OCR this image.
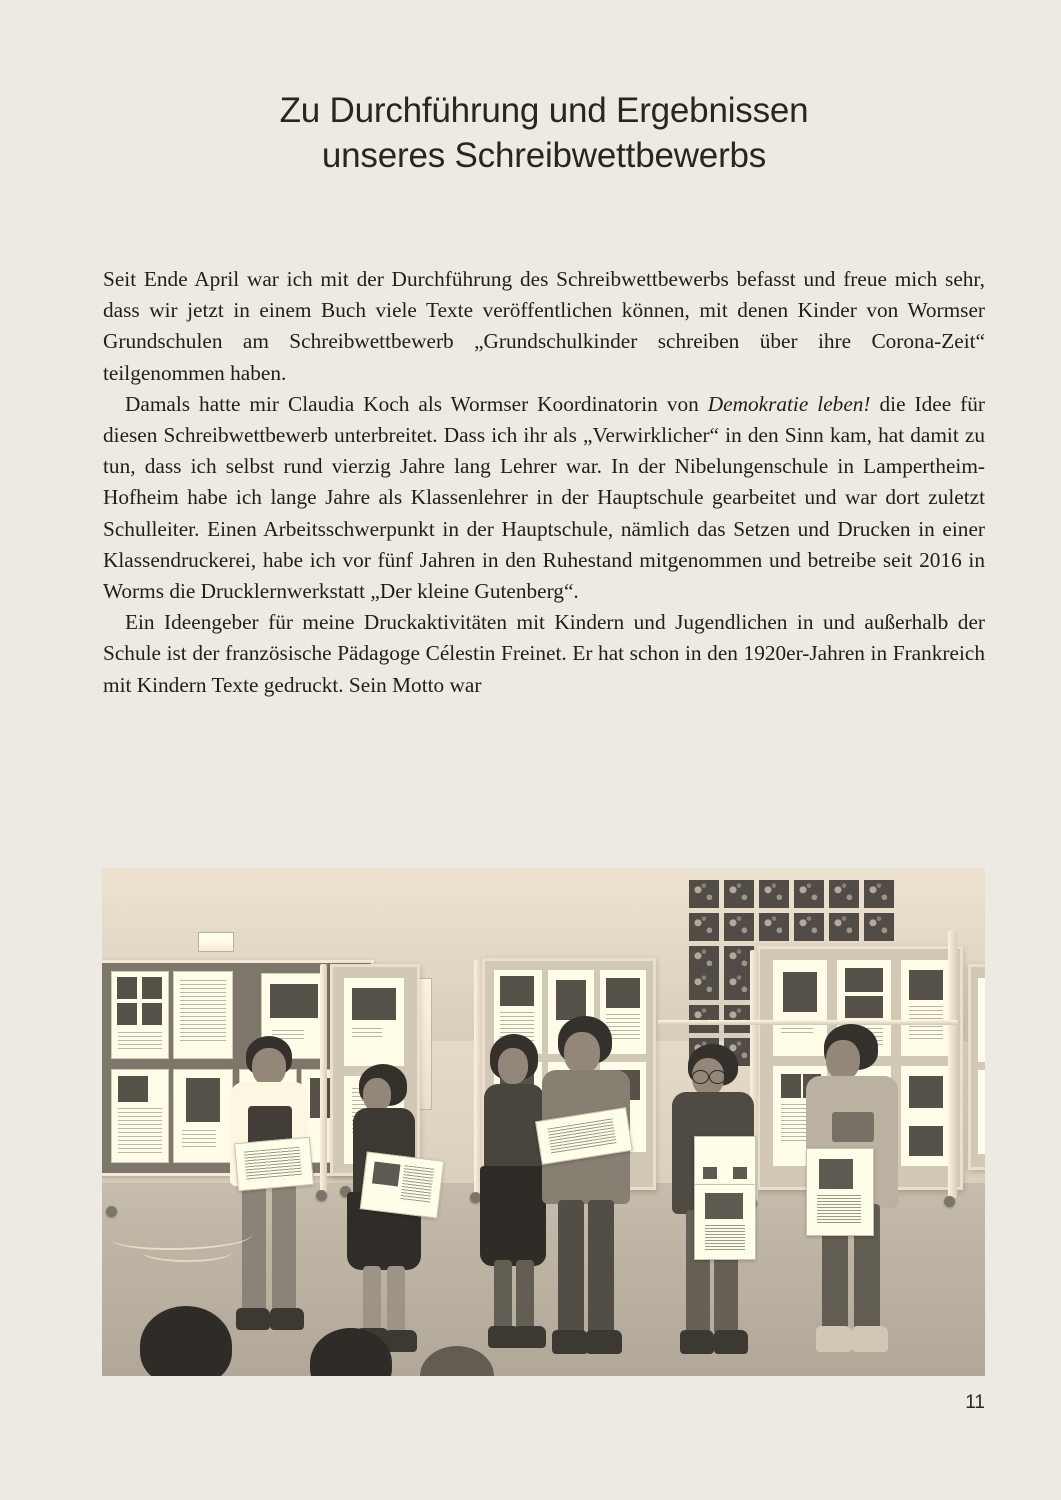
Zu Durchführung und Ergebnissen
unseres Schreibwettbewerbs

Seit Ende April war ich mit der Durchführung des Schreibwettbewerbs befasst und freue mich sehr, dass wir jetzt in einem Buch viele Texte veröffentlichen können, mit denen Kinder von Wormser Grundschulen am Schreibwettbewerb „Grundschulkinder schreiben über ihre Corona-Zeit“ teilgenommen haben.

Damals hatte mir Claudia Koch als Wormser Koordinatorin von Demokratie leben! die Idee für diesen Schreibwettbewerb unterbreitet. Dass ich ihr als „Verwirklicher“ in den Sinn kam, hat damit zu tun, dass ich selbst rund vierzig Jahre lang Lehrer war. In der Nibelungenschule in Lampertheim-Hofheim habe ich lange Jahre als Klassenlehrer in der Hauptschule gearbeitet und war dort zuletzt Schulleiter. Einen Arbeitsschwerpunkt in der Hauptschule, nämlich das Setzen und Drucken in einer Klassendruckerei, habe ich vor fünf Jahren in den Ruhestand mitgenommen und betreibe seit 2016 in Worms die Drucklernwerkstatt „Der kleine Gutenberg“.

Ein Ideengeber für meine Druckaktivitäten mit Kindern und Jugendlichen in und außerhalb der Schule ist der französische Pädagoge Célestin Freinet. Er hat schon in den 1920er-Jahren in Frankreich mit Kindern Texte gedruckt. Sein Motto war

11
